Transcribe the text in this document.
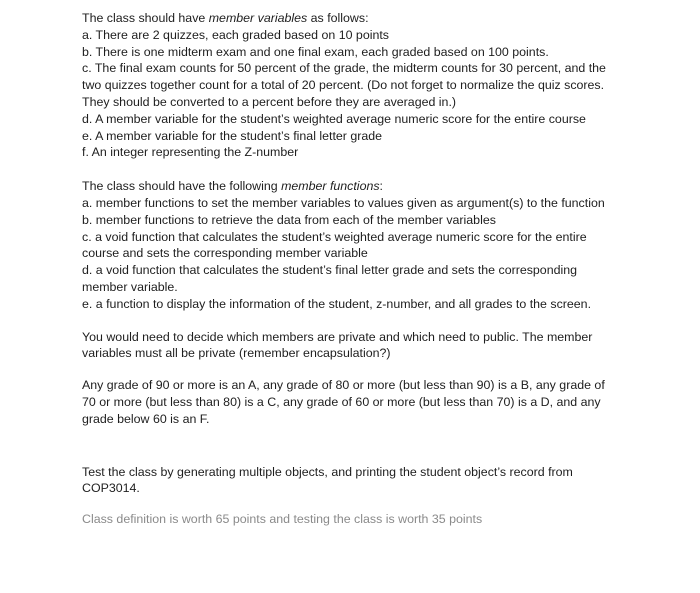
The class should have member variables as follows:
a. There are 2 quizzes, each graded based on 10 points
b. There is one midterm exam and one final exam, each graded based on 100 points.
c. The final exam counts for 50 percent of the grade, the midterm counts for 30 percent, and the
two quizzes together count for a total of 20 percent. (Do not forget to normalize the quiz scores.
They should be converted to a percent before they are averaged in.)
d. A member variable for the student’s weighted average numeric score for the entire course
e. A member variable for the student’s final letter grade
f. An integer representing the Z-number
The class should have the following member functions:
a. member functions to set the member variables to values given as argument(s) to the function
b. member functions to retrieve the data from each of the member variables
c. a void function that calculates the student’s weighted average numeric score for the entire
course and sets the corresponding member variable
d. a void function that calculates the student’s final letter grade and sets the corresponding
member variable.
e. a function to display the information of the student, z-number, and all grades to the screen.
You would need to decide which members are private and which need to public. The member
variables must all be private (remember encapsulation?)
Any grade of 90 or more is an A, any grade of 80 or more (but less than 90) is a B, any grade of
70 or more (but less than 80) is a C, any grade of 60 or more (but less than 70) is a D, and any
grade below 60 is an F.
Test the class by generating multiple objects, and printing the student object’s record from
COP3014.
Class definition is worth 65 points and testing the class is worth 35 points
